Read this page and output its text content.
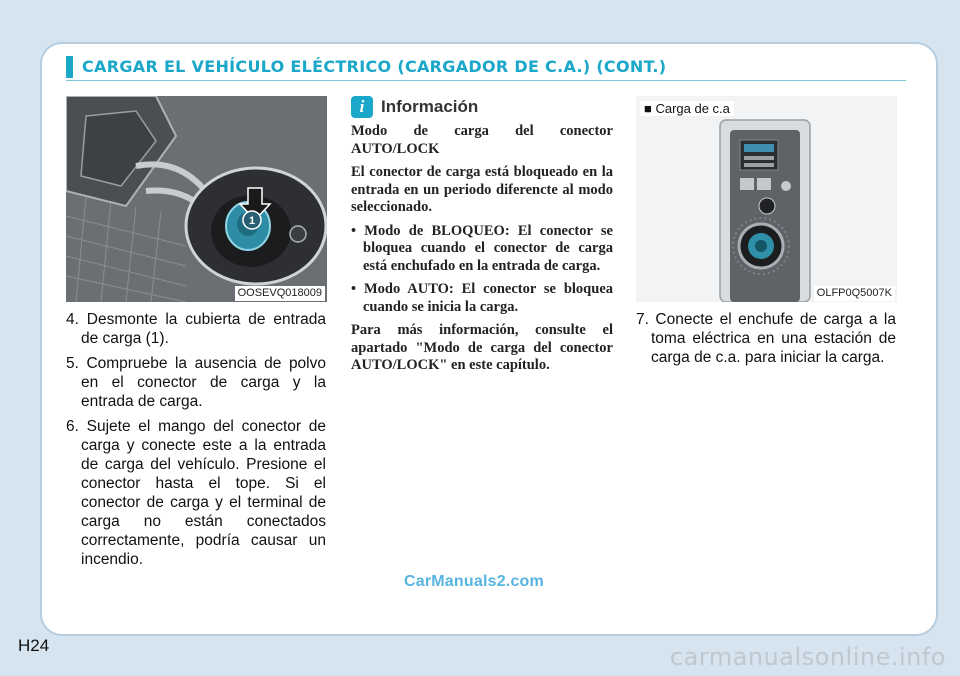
CARGAR EL VEHÍCULO ELÉCTRICO (CARGADOR DE C.A.) (CONT.)
1
OOSEVQ018009
4. Desmonte la cubierta de entrada de carga (1).
5. Compruebe la ausencia de polvo en el conector de carga y la entrada de carga.
6. Sujete el mango del conector de carga y conecte este a la entrada de carga del vehículo. Presione el conector hasta el tope. Si el conector de carga y el terminal de carga no están conectados correctamente, podría causar un incendio.
i Información

Modo de carga del conector AUTO/LOCK

El conector de carga está bloqueado en la entrada en un periodo diferencte al modo seleccionado.

• Modo de BLOQUEO: El conector se bloquea cuando el conector de carga está enchufado en la entrada de carga.
• Modo AUTO: El conector se bloquea cuando se inicia la carga.

Para más información, consulte el apartado "Modo de carga del conector AUTO/LOCK" en este capítulo.

OLFP0Q5007K
■ Carga de c.a
7. Conecte el enchufe de carga a la toma eléctrica en una estación de carga de c.a. para iniciar la carga.
CarManuals2.com
H24	carmanualsonline.info
